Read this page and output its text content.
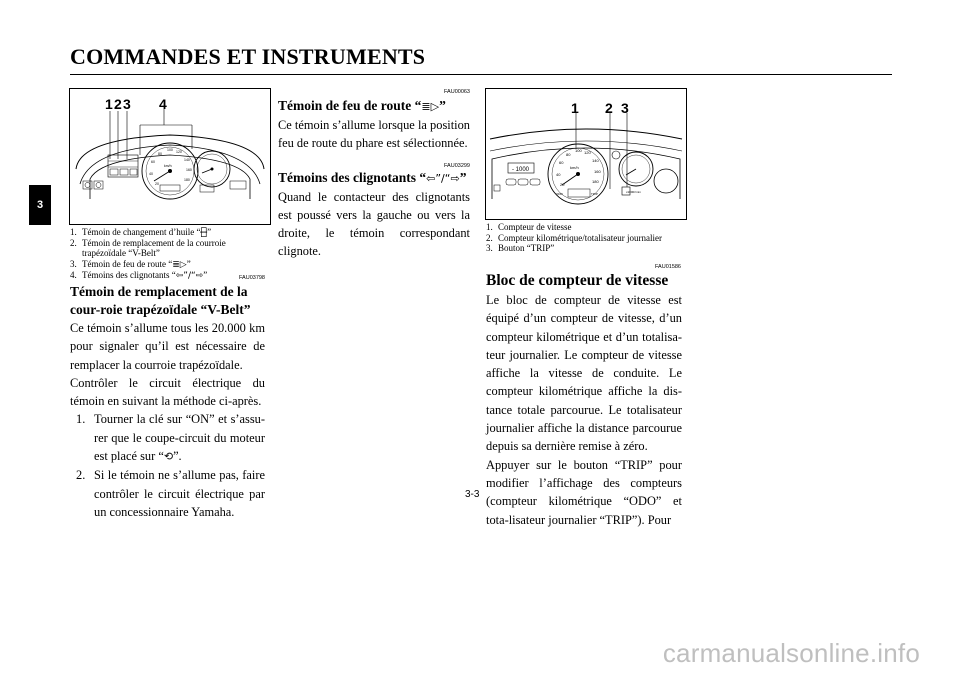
COMMANDES ET INSTRUMENTS
3
20
40
60
80
100 120
140
160
180
km/h
1 2 3 4
1. Témoin de changement d’huile “⌒̶”
2. Témoin de remplacement de la courroie trapézoïdale “V-Belt”
3. Témoin de feu de route “≣▷”
4. Témoins des clignotants “⇦”/“⇨”	FAU03798
Témoin de remplacement de la cour-roie trapézoïdale “V-Belt”
Ce témoin s’allume tous les 20.000 km pour signaler qu’il est nécessaire de remplacer la courroie trapézoïdale.
Contrôler le circuit électrique du témoin en suivant la méthode ci-après.
1. Tourner la clé sur “ON” et s’assu-rer que le coupe-circuit du moteur est placé sur “⟲”.
2. Si le témoin ne s’allume pas, faire contrôler le circuit électrique par un concessionnaire Yamaha.
FAU00063
Témoin de feu de route “≣▷”
Ce témoin s’allume lorsque la position feu de route du phare est sélectionnée.
FAU03299
Témoins des clignotants “⇦”/“⇨”
Quand le contacteur des clignotants est poussé vers la gauche ou vers la droite, le témoin correspondant clignote.
- 1000
20
40
60
80
100 120
140
160
180
km/h
ODO	TRIP	x1000r/min
1 2 3
1. Compteur de vitesse
2. Compteur kilométrique/totalisateur journalier
3. Bouton “TRIP”
FAU01586
Bloc de compteur de vitesse
Le bloc de compteur de vitesse est équipé d’un compteur de vitesse, d’un compteur kilométrique et d’un totalisa-teur journalier. Le compteur de vitesse affiche la vitesse de conduite. Le compteur kilométrique affiche la dis-tance totale parcourue. Le totalisateur journalier affiche la distance parcourue depuis sa dernière remise à zéro.
Appuyer sur le bouton “TRIP” pour modifier l’affichage des compteurs (compteur kilométrique “ODO” et tota-lisateur journalier “TRIP”). Pour
3-3
carmanualsonline.info
